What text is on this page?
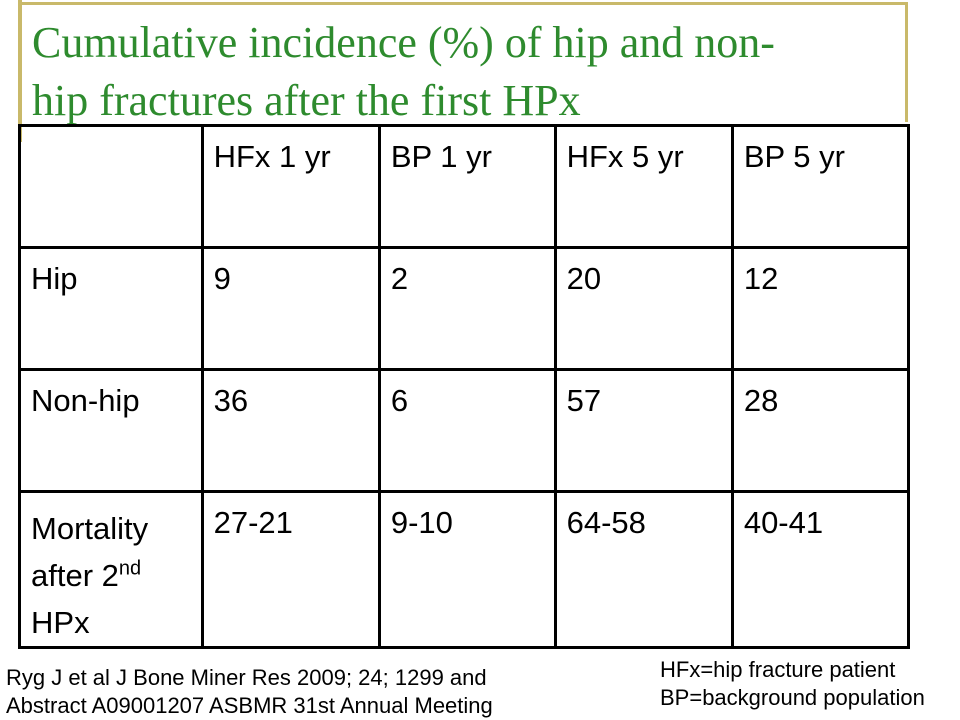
Cumulative incidence (%) of hip and non-
hip fractures after the first HPx
	HFx 1 yr	BP 1 yr	HFx 5 yr	BP 5 yr
Hip	9	2	20	12
Non-hip	36	6	57	28

Mortality
after 2nd
HPx	27-21	9-10	64-58	40-41

Ryg J et al J Bone Miner Res 2009; 24; 1299 and
Abstract A09001207 ASBMR 31st Annual Meeting

HFx=hip fracture patient
BP=background population
